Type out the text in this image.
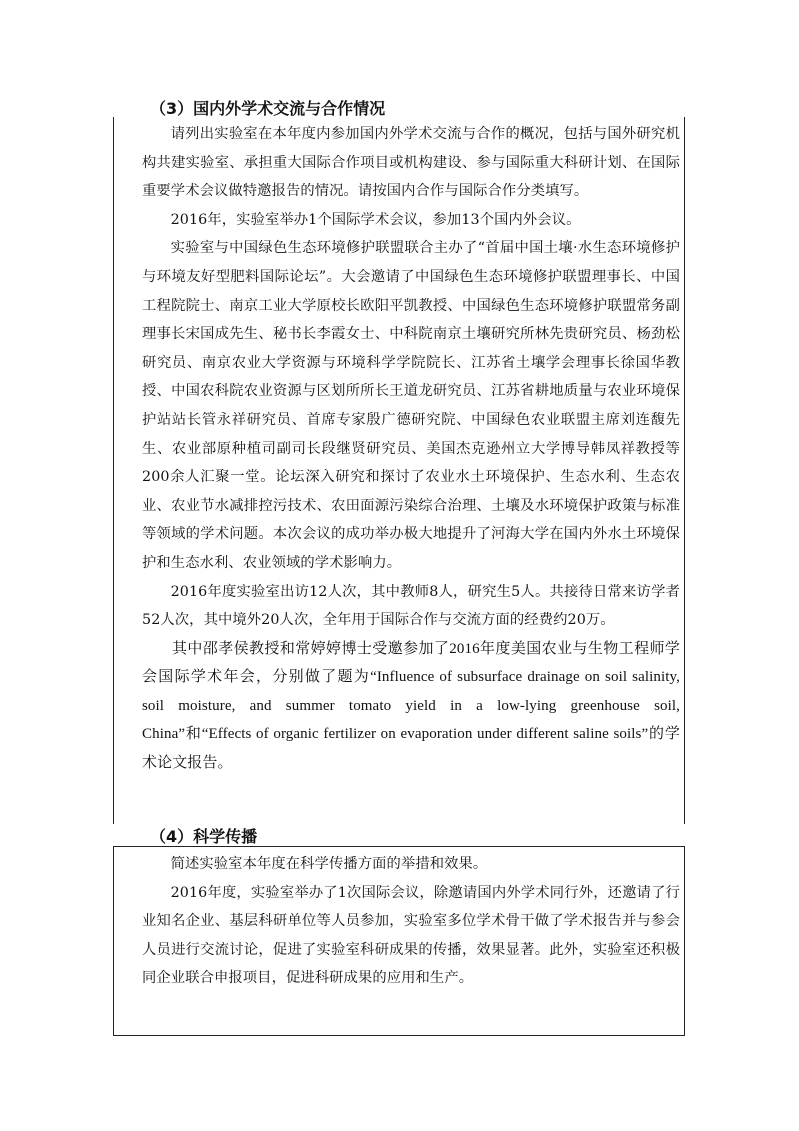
（3）国内外学术交流与合作情况

请列出实验室在本年度内参加国内外学术交流与合作的概况，包括与国外研究机构共建实验室、承担重大国际合作项目或机构建设、参与国际重大科研计划、在国际重要学术会议做特邀报告的情况。请按国内合作与国际合作分类填写。

2016年，实验室举办1个国际学术会议，参加13个国内外会议。

实验室与中国绿色生态环境修护联盟联合主办了“首届中国土壤·水生态环境修护与环境友好型肥料国际论坛”。大会邀请了中国绿色生态环境修护联盟理事长、中国工程院院士、南京工业大学原校长欧阳平凯教授、中国绿色生态环境修护联盟常务副理事长宋国成先生、秘书长李霞女士、中科院南京土壤研究所林先贵研究员、杨劲松研究员、南京农业大学资源与环境科学学院院长、江苏省土壤学会理事长徐国华教授、中国农科院农业资源与区划所所长王道龙研究员、江苏省耕地质量与农业环境保护站站长管永祥研究员、首席专家殷广德研究院、中国绿色农业联盟主席刘连馥先生、农业部原种植司副司长段继贤研究员、美国杰克逊州立大学博导韩凤祥教授等200余人汇聚一堂。论坛深入研究和探讨了农业水土环境保护、生态水利、生态农业、农业节水减排控污技术、农田面源污染综合治理、土壤及水环境保护政策与标准等领域的学术问题。本次会议的成功举办极大地提升了河海大学在国内外水土环境保护和生态水利、农业领域的学术影响力。

2016年度实验室出访12人次，其中教师8人，研究生5人。共接待日常来访学者52人次，其中境外20人次，全年用于国际合作与交流方面的经费约20万。

其中邵孝侯教授和常婷婷博士受邀参加了2016年度美国农业与生物工程师学会国际学术年会，分别做了题为“Influence of subsurface drainage on soil salinity, soil moisture, and summer tomato yield in a low-lying greenhouse soil, China”和“Effects of organic fertilizer on evaporation under different saline soils”的学术论文报告。

（4）科学传播

简述实验室本年度在科学传播方面的举措和效果。

2016年度，实验室举办了1次国际会议，除邀请国内外学术同行外，还邀请了行业知名企业、基层科研单位等人员参加，实验室多位学术骨干做了学术报告并与参会人员进行交流讨论，促进了实验室科研成果的传播，效果显著。此外，实验室还积极同企业联合申报项目，促进科研成果的应用和生产。
